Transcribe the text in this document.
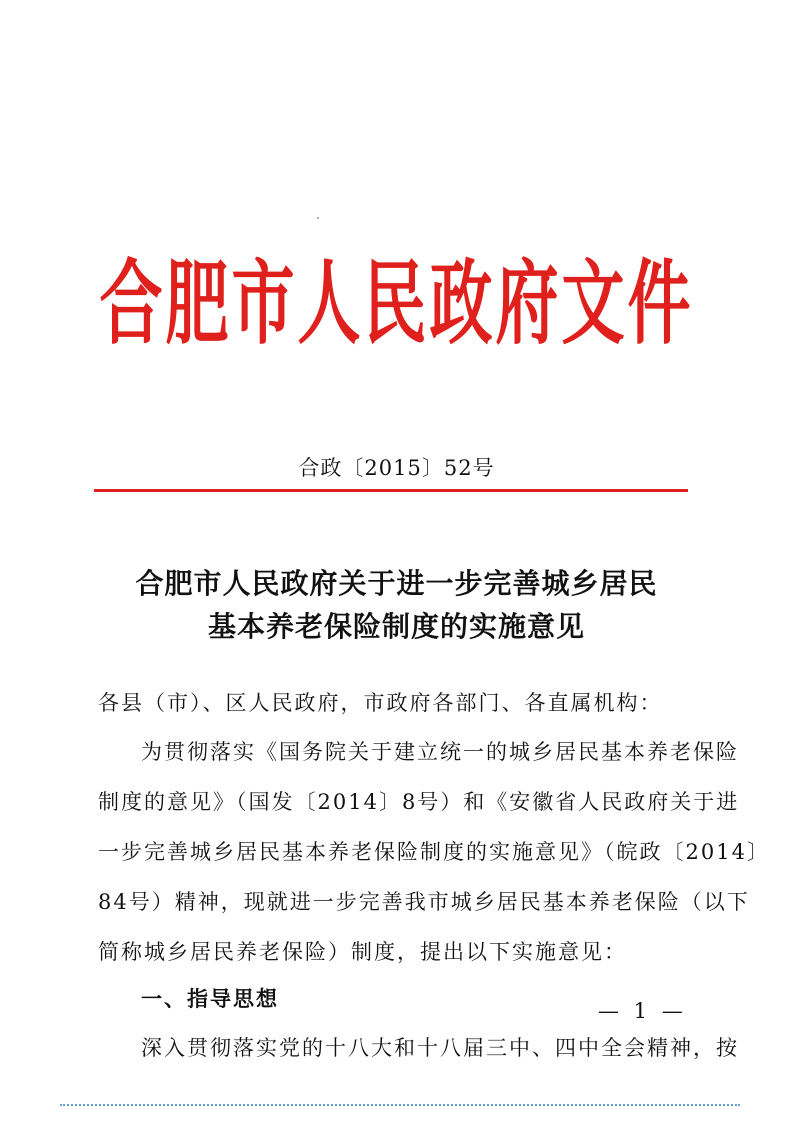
合肥市人民政府文件
合政〔2015〕52号
合肥市人民政府关于进一步完善城乡居民
基本养老保险制度的实施意见
各县（市）、区人民政府，市政府各部门、各直属机构：
为贯彻落实《国务院关于建立统一的城乡居民基本养老保险
制度的意见》（国发〔2014〕8号）和《安徽省人民政府关于进
一步完善城乡居民基本养老保险制度的实施意见》（皖政〔2014〕
84号）精神，现就进一步完善我市城乡居民基本养老保险（以下
简称城乡居民养老保险）制度，提出以下实施意见：
一、指导思想
深入贯彻落实党的十八大和十八届三中、四中全会精神，按
— 1 —
